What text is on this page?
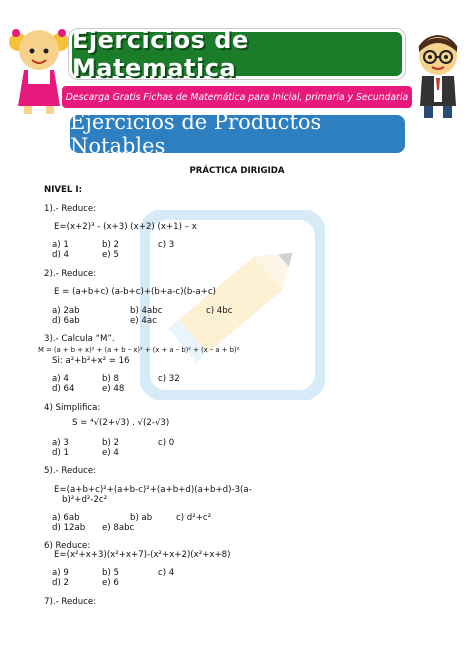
Ejercicios de Matematica
Descarga Gratis Fichas de Matemática para Inicial, primaria y Secundaria
Ejercicios de Productos Notables
PRÁCTICA DIRIGIDA
NIVEL I:
1).- Reduce:
E=(x+2)³ - (x+3) (x+2) (x+1) – x
a) 1	b) 2	c) 3
d) 4	e) 5
2).- Reduce:
E = (a+b+c) (a-b+c)+(b+a-c)(b-a+c)
a) 2ab	b) 4abc	c) 4bc
d) 6ab	e) 4ac
3).- Calcula “M”.
M = (a + b + x)² + (a + b – x)² + (x + a – b)² + (x – a + b)²
Si: a²+b²+x² = 16
a) 4	b) 8	c) 32
d) 64	e) 48
4) Simplifica:
S = ⁴√(2+√3) . √(2-√3)
a) 3	b) 2	c) 0
d) 1	e) 4
5).- Reduce:
E=(a+b+c)²+(a+b-c)²+(a+b+d)(a+b+d)-3(a-
b)²+d²-2c²
a) 6ab	b) ab	c) d²+c²
d) 12ab e) 8abc
6) Reduce:
E=(x²+x+3)(x²+x+7)-(x²+x+2)(x²+x+8)
a) 9	b) 5	c) 4
d) 2	e) 6
7).- Reduce:
